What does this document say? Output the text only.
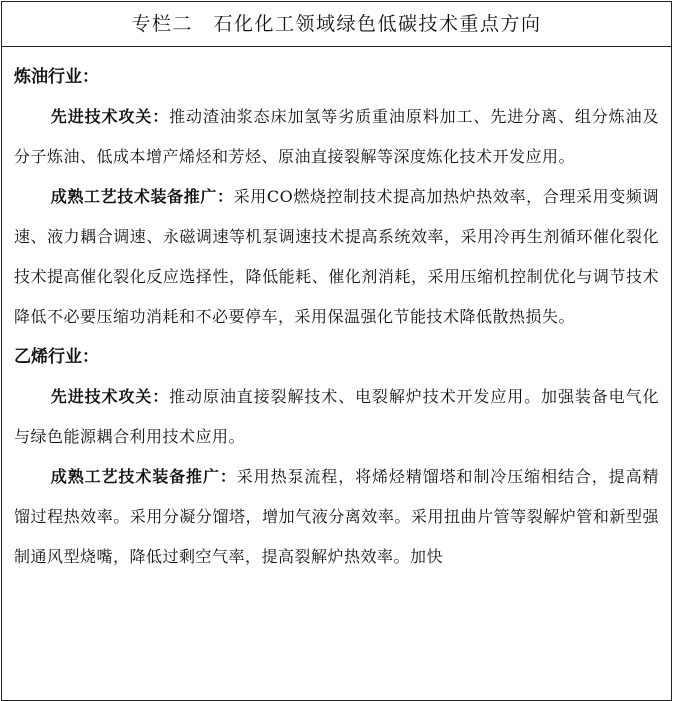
专栏二　石化化工领域绿色低碳技术重点方向
炼油行业：

先进技术攻关：推动渣油浆态床加氢等劣质重油原料加工、先进分离、组分炼油及分子炼油、低成本增产烯烃和芳烃、原油直接裂解等深度炼化技术开发应用。

成熟工艺技术装备推广：采用CO燃烧控制技术提高加热炉热效率，合理采用变频调速、液力耦合调速、永磁调速等机泵调速技术提高系统效率，采用冷再生剂循环催化裂化技术提高催化裂化反应选择性，降低能耗、催化剂消耗，采用压缩机控制优化与调节技术降低不必要压缩功消耗和不必要停车，采用保温强化节能技术降低散热损失。

乙烯行业：

先进技术攻关：推动原油直接裂解技术、电裂解炉技术开发应用。加强装备电气化与绿色能源耦合利用技术应用。

成熟工艺技术装备推广：采用热泵流程，将烯烃精馏塔和制冷压缩相结合，提高精馏过程热效率。采用分凝分馏塔，增加气液分离效率。采用扭曲片管等裂解炉管和新型强制通风型烧嘴，降低过剩空气率，提高裂解炉热效率。加快
